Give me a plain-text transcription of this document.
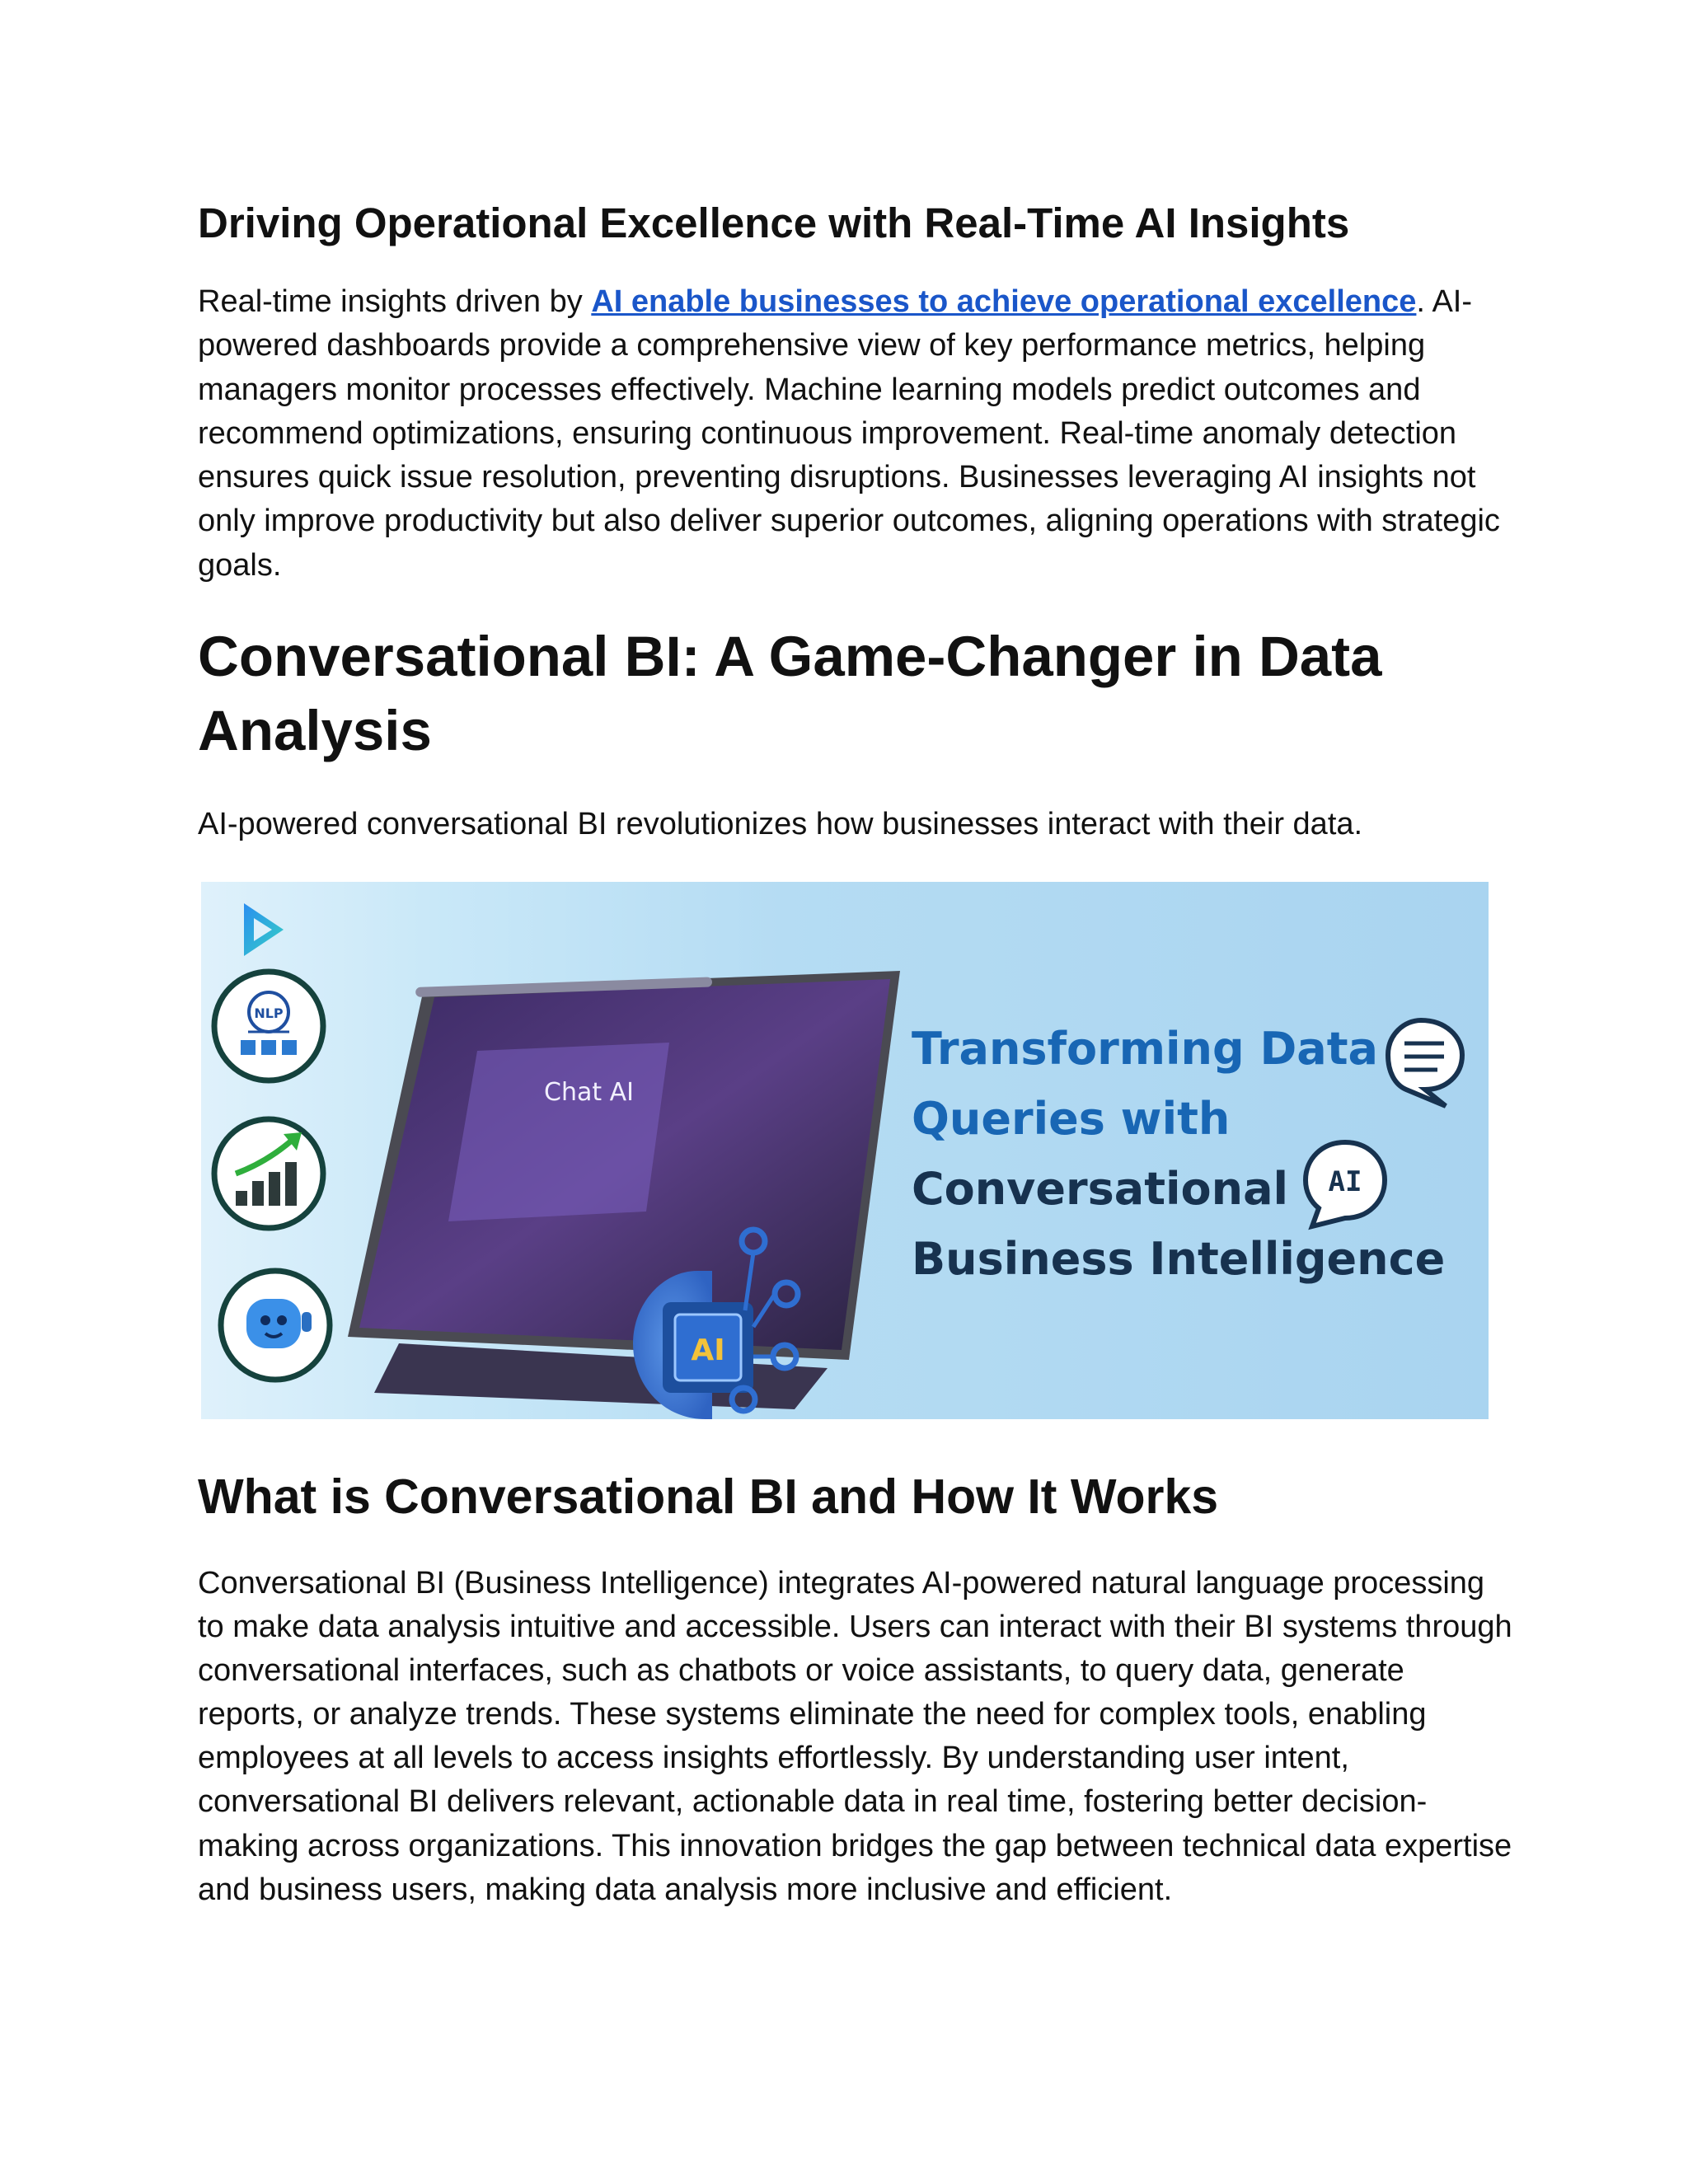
Driving Operational Excellence with Real-Time AI Insights

Real-time insights driven by AI enable businesses to achieve operational excellence. AI-powered dashboards provide a comprehensive view of key performance metrics, helping managers monitor processes effectively. Machine learning models predict outcomes and recommend optimizations, ensuring continuous improvement. Real-time anomaly detection ensures quick issue resolution, preventing disruptions. Businesses leveraging AI insights not only improve productivity but also deliver superior outcomes, aligning operations with strategic goals.

Conversational BI: A Game-Changer in Data Analysis

AI-powered conversational BI revolutionizes how businesses interact with their data.

NLP
Chat AI
AI
AI
Transforming Data
Queries with
Conversational
Business Intelligence
What is Conversational BI and How It Works

Conversational BI (Business Intelligence) integrates AI-powered natural language processing to make data analysis intuitive and accessible. Users can interact with their BI systems through conversational interfaces, such as chatbots or voice assistants, to query data, generate reports, or analyze trends. These systems eliminate the need for complex tools, enabling employees at all levels to access insights effortlessly. By understanding user intent, conversational BI delivers relevant, actionable data in real time, fostering better decision-making across organizations. This innovation bridges the gap between technical data expertise and business users, making data analysis more inclusive and efficient.
